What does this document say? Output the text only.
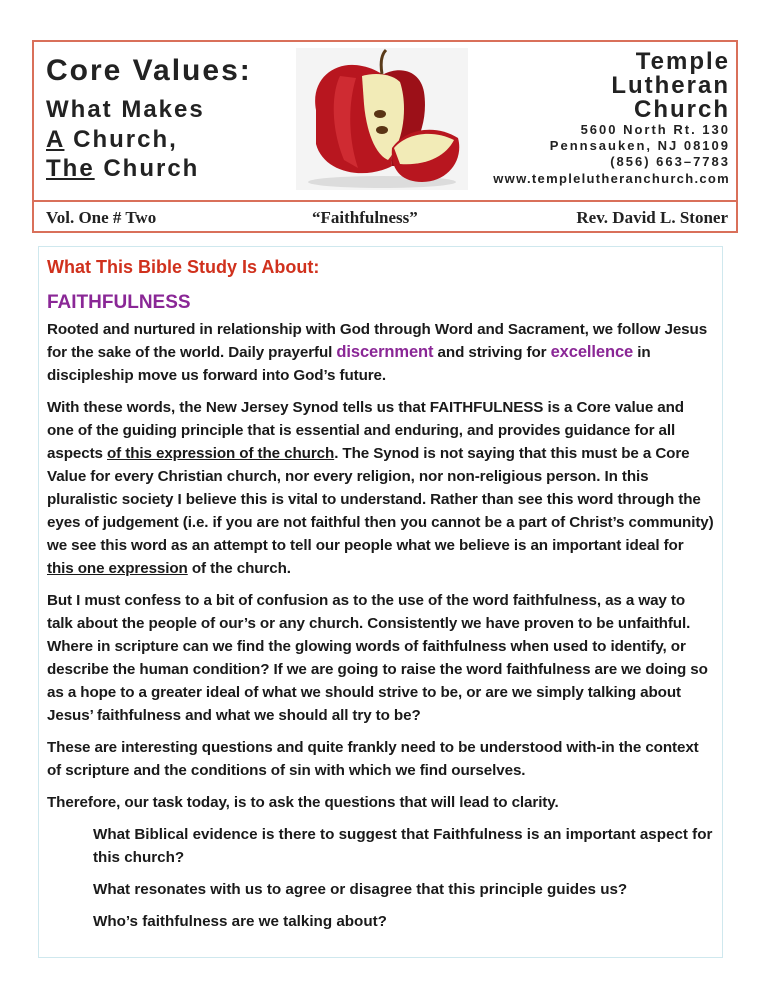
Core Values:
What Makes
A Church,
The Church
Temple
Lutheran
Church
5600 North Rt. 130
Pennsauken, NJ 08109
(856) 663–7783
www.templelutheranchurch.com
Vol. One # Two	“Faithfulness”	Rev. David L. Stoner
What This Bible Study Is About:
FAITHFULNESS

Rooted and nurtured in relationship with God through Word and Sacrament, we follow Jesus for the sake of the world. Daily prayerful discernment and striving for excellence in discipleship move us forward into God’s future.

With these words, the New Jersey Synod tells us that FAITHFULNESS is a Core value and one of the guiding principle that is essential and enduring, and provides guidance for all aspects of this expression of the church. The Synod is not saying that this must be a Core Value for every Christian church, nor every religion, nor non-religious person. In this pluralistic society I believe this is vital to understand. Rather than see this word through the eyes of judgement (i.e. if you are not faithful then you cannot be a part of Christ’s community) we see this word as an attempt to tell our people what we believe is an important ideal for this one expression of the church.

But I must confess to a bit of confusion as to the use of the word faithfulness, as a way to talk about the people of our’s or any church. Consistently we have proven to be unfaithful. Where in scripture can we find the glowing words of faithfulness when used to identify, or describe the human condition? If we are going to raise the word faithfulness are we doing so as a hope to a greater ideal of what we should strive to be, or are we simply talking about Jesus’ faithfulness and what we should all try to be?

These are interesting questions and quite frankly need to be understood with-in the context of scripture and the conditions of sin with which we find ourselves.

Therefore, our task today, is to ask the questions that will lead to clarity.

What Biblical evidence is there to suggest that Faithfulness is an important aspect for this church?

What resonates with us to agree or disagree that this principle guides us?

Who’s faithfulness are we talking about?
